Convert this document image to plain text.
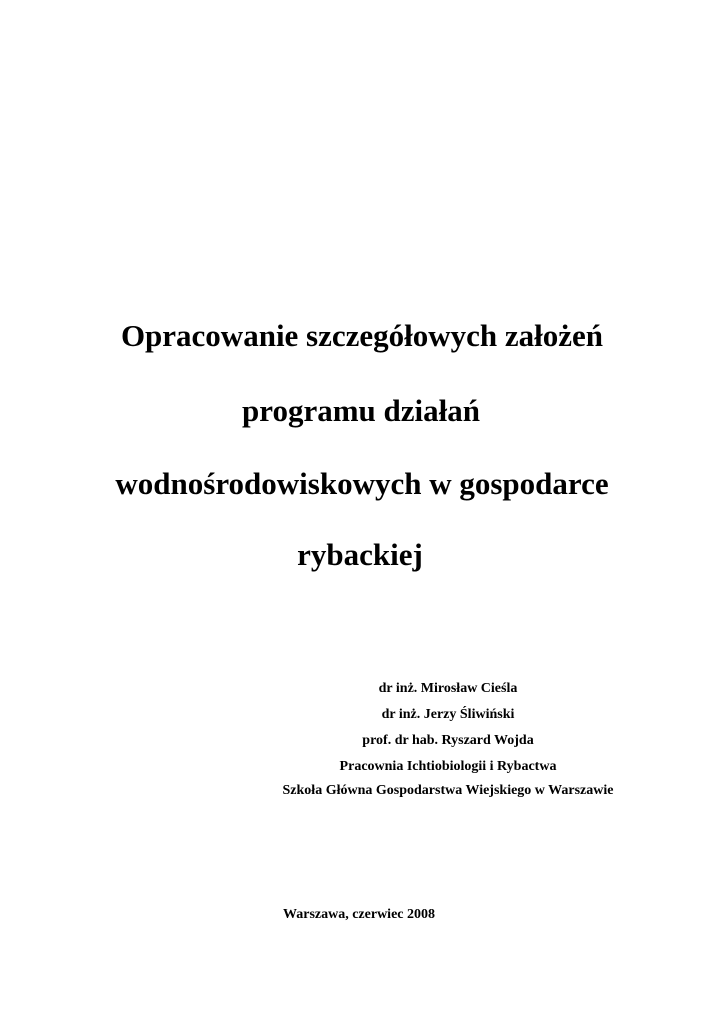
Opracowanie szczegółowych założeń
programu działań
wodnośrodowiskowych w gospodarce
rybackiej
dr inż. Mirosław Cieśla
dr inż. Jerzy Śliwiński
prof. dr hab. Ryszard Wojda
Pracownia Ichtiobiologii i Rybactwa
Szkoła Główna Gospodarstwa Wiejskiego w Warszawie
Warszawa, czerwiec 2008
